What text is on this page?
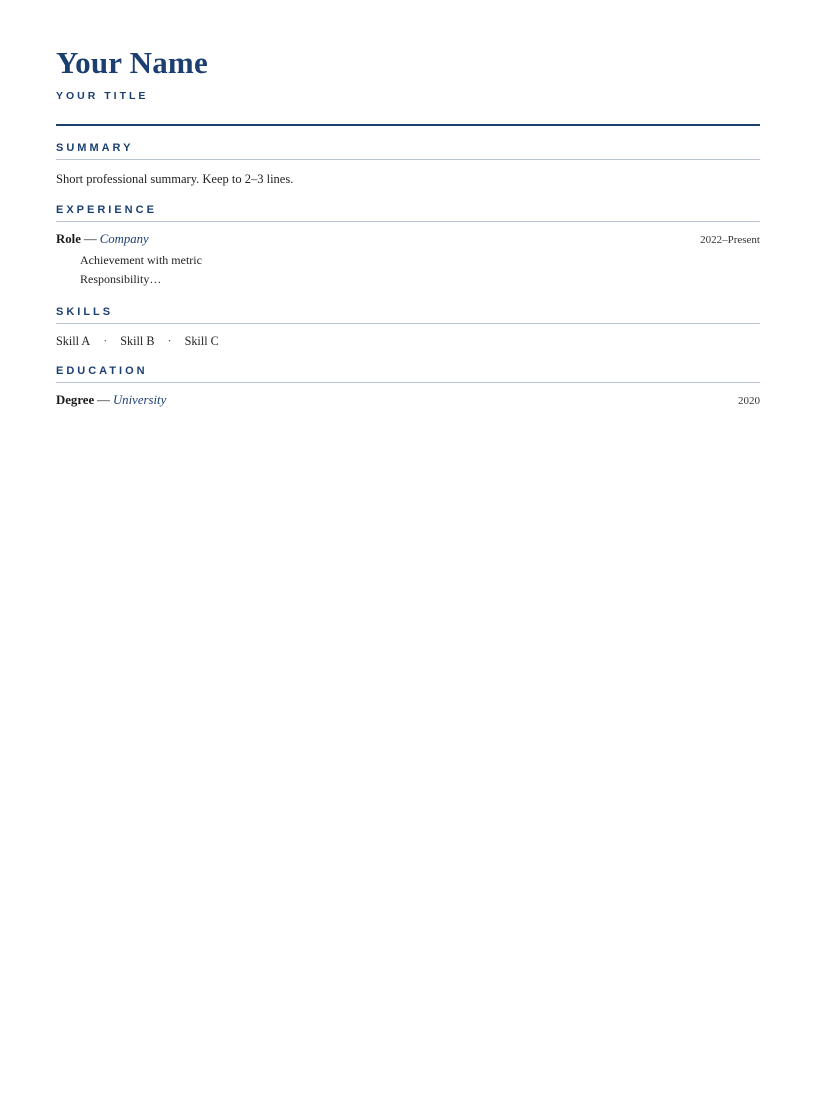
Your Name
YOUR TITLE
SUMMARY
Short professional summary. Keep to 2–3 lines.
EXPERIENCE
Role — Company	2022–Present
Achievement with metric
Responsibility…
SKILLS
Skill A	·	Skill B	·	Skill C
EDUCATION
Degree — University	2020
